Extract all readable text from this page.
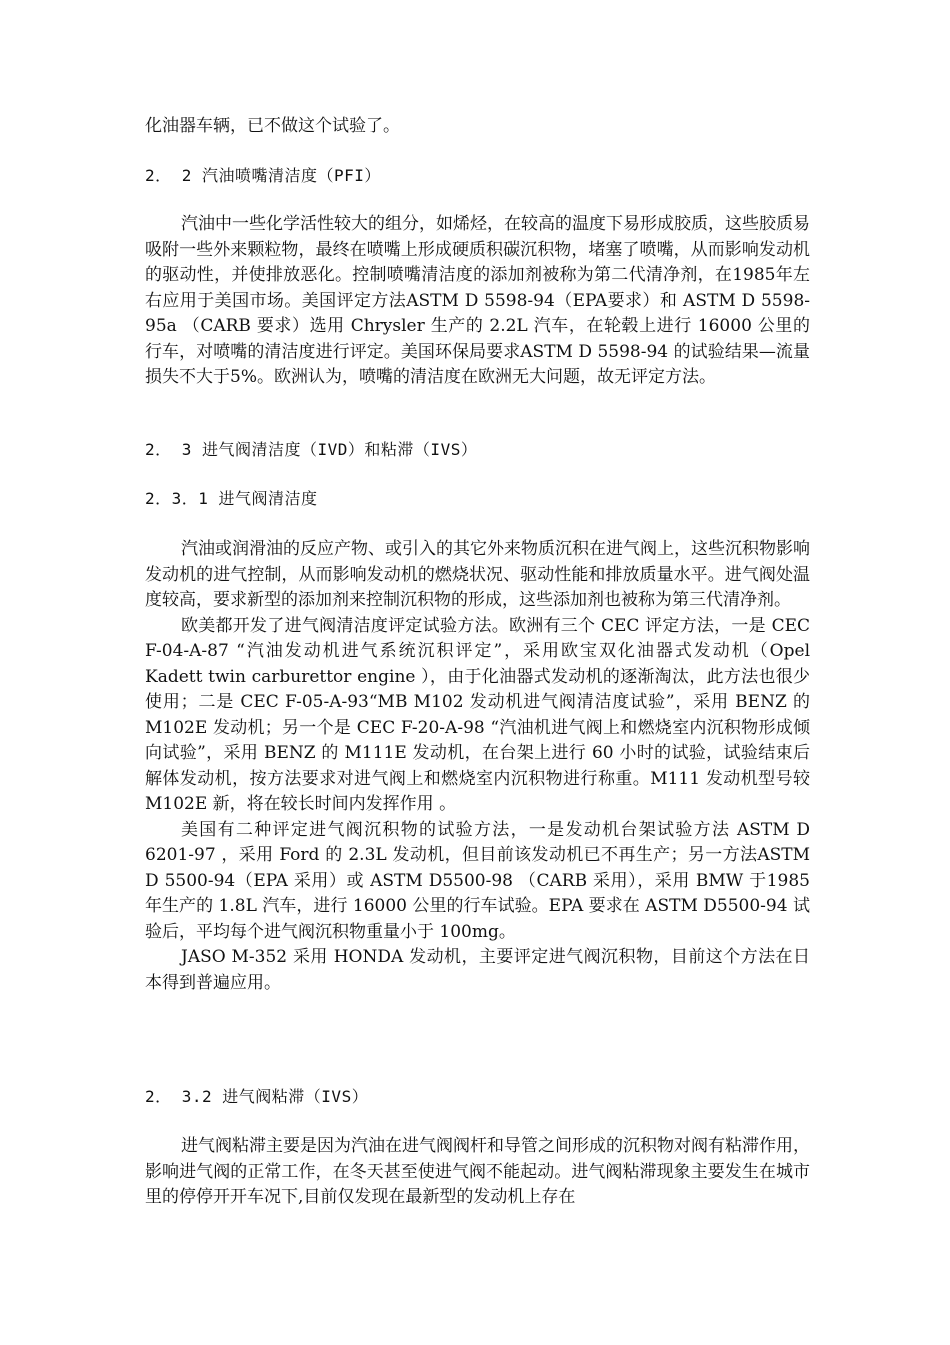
化油器车辆，已不做这个试验了。
2． 2 汽油喷嘴清洁度（PFI）

汽油中一些化学活性较大的组分，如烯烃，在较高的温度下易形成胶质，这些胶质易吸附一些外来颗粒物，最终在喷嘴上形成硬质积碳沉积物，堵塞了喷嘴，从而影响发动机的驱动性，并使排放恶化。控制喷嘴清洁度的添加剂被称为第二代清净剂，在1985年左右应用于美国市场。美国评定方法ASTM D 5598-94（EPA要求）和 ASTM D 5598-95a （CARB 要求）选用 Chrysler 生产的 2.2L 汽车，在轮毂上进行 16000 公里的行车，对喷嘴的清洁度进行评定。美国环保局要求ASTM D 5598-94 的试验结果—流量损失不大于5%。欧洲认为，喷嘴的清洁度在欧洲无大问题，故无评定方法。

2． 3 进气阀清洁度（IVD）和粘滞（IVS）
2．3．1 进气阀清洁度

汽油或润滑油的反应产物、或引入的其它外来物质沉积在进气阀上，这些沉积物影响发动机的进气控制，从而影响发动机的燃烧状况、驱动性能和排放质量水平。进气阀处温度较高，要求新型的添加剂来控制沉积物的形成，这些添加剂也被称为第三代清净剂。

欧美都开发了进气阀清洁度评定试验方法。欧洲有三个 CEC 评定方法，一是 CEC F-04-A-87 “汽油发动机进气系统沉积评定”，采用欧宝双化油器式发动机（Opel Kadett twin carburettor engine ），由于化油器式发动机的逐渐淘汰，此方法也很少使用；二是 CEC F-05-A-93“MB M102 发动机进气阀清洁度试验”，采用 BENZ 的 M102E 发动机；另一个是 CEC F-20-A-98 “汽油机进气阀上和燃烧室内沉积物形成倾向试验”，采用 BENZ 的 M111E 发动机，在台架上进行 60 小时的试验，试验结束后解体发动机，按方法要求对进气阀上和燃烧室内沉积物进行称重。M111 发动机型号较 M102E 新，将在较长时间内发挥作用 。

美国有二种评定进气阀沉积物的试验方法，一是发动机台架试验方法 ASTM D 6201-97 ，采用 Ford 的 2.3L 发动机，但目前该发动机已不再生产；另一方法ASTM D 5500-94（EPA 采用）或 ASTM D5500-98 （CARB 采用），采用 BMW 于1985 年生产的 1.8L 汽车，进行 16000 公里的行车试验。EPA 要求在 ASTM D5500-94 试验后，平均每个进气阀沉积物重量小于 100mg。

JASO M-352 采用 HONDA 发动机，主要评定进气阀沉积物，目前这个方法在日本得到普遍应用。

2． 3.2 进气阀粘滞（IVS）

进气阀粘滞主要是因为汽油在进气阀阀杆和导管之间形成的沉积物对阀有粘滞作用，影响进气阀的正常工作，在冬天甚至使进气阀不能起动。进气阀粘滞现象主要发生在城市里的停停开开车况下,目前仅发现在最新型的发动机上存在
